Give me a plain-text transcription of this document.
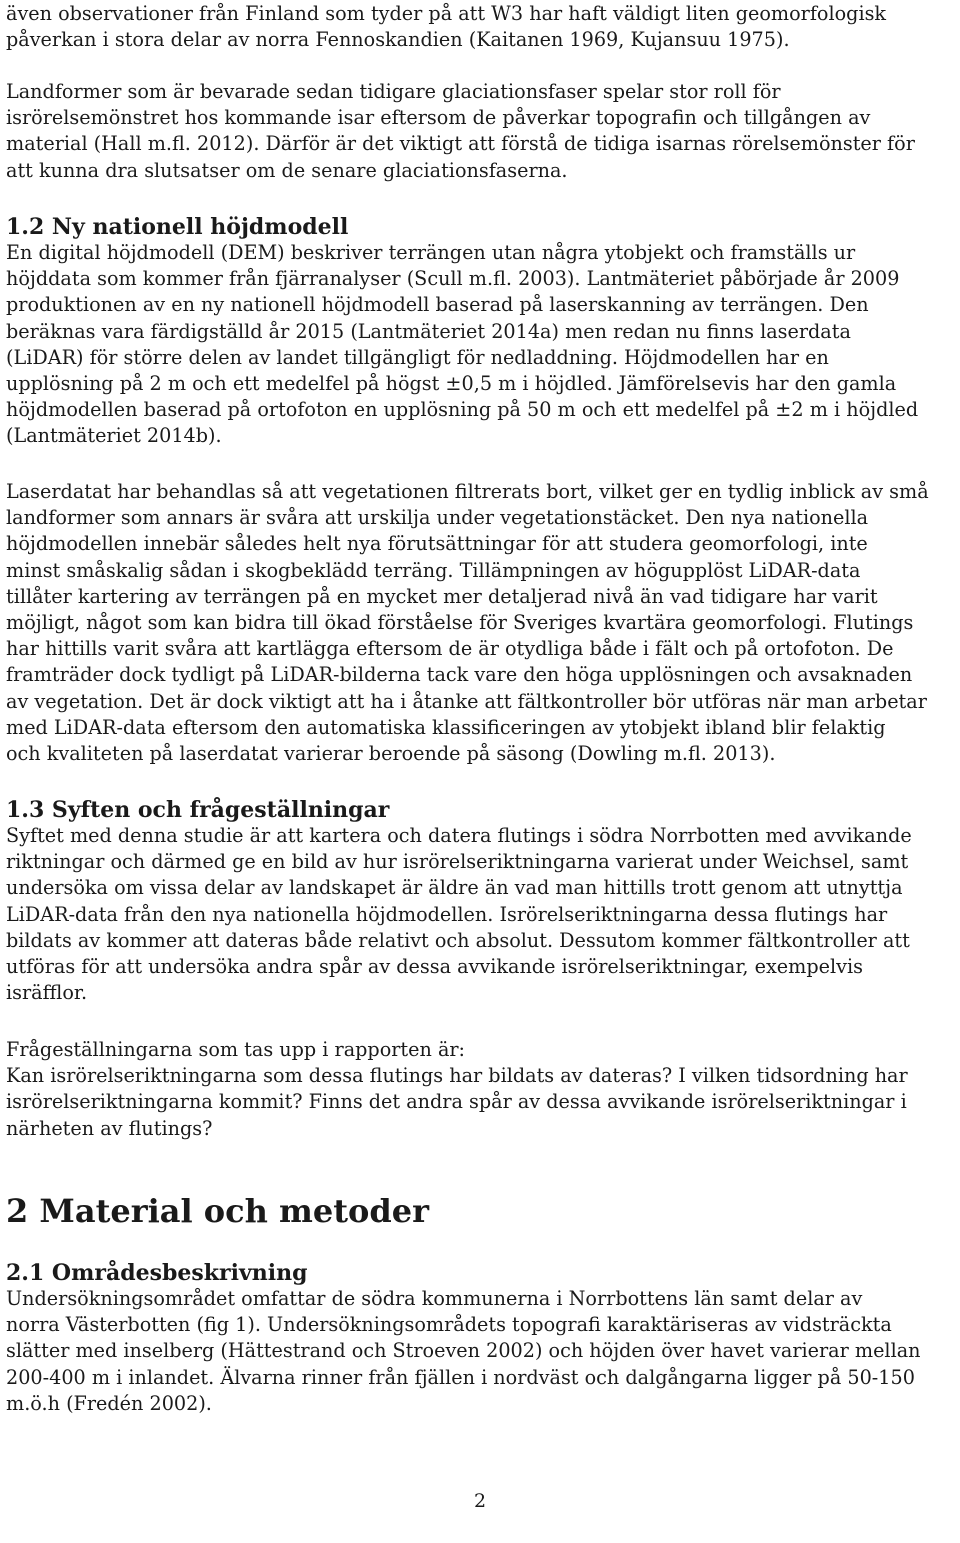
även observationer från Finland som tyder på att W3 har haft väldigt liten geomorfologisk
påverkan i stora delar av norra Fennoskandien (Kaitanen 1969, Kujansuu 1975).

Landformer som är bevarade sedan tidigare glaciationsfaser spelar stor roll för
isrörelsemönstret hos kommande isar eftersom de påverkar topografin och tillgången av
material (Hall m.fl. 2012). Därför är det viktigt att förstå de tidiga isarnas rörelsemönster för
att kunna dra slutsatser om de senare glaciationsfaserna.

1.2 Ny nationell höjdmodell

En digital höjdmodell (DEM) beskriver terrängen utan några ytobjekt och framställs ur
höjddata som kommer från fjärranalyser (Scull m.fl. 2003). Lantmäteriet påbörjade år 2009
produktionen av en ny nationell höjdmodell baserad på laserskanning av terrängen. Den
beräknas vara färdigställd år 2015 (Lantmäteriet 2014a) men redan nu finns laserdata
(LiDAR) för större delen av landet tillgängligt för nedladdning. Höjdmodellen har en
upplösning på 2 m och ett medelfel på högst ±0,5 m i höjdled. Jämförelsevis har den gamla
höjdmodellen baserad på ortofoton en upplösning på 50 m och ett medelfel på ±2 m i höjdled
(Lantmäteriet 2014b).

Laserdatat har behandlas så att vegetationen filtrerats bort, vilket ger en tydlig inblick av små
landformer som annars är svåra att urskilja under vegetationstäcket. Den nya nationella
höjdmodellen innebär således helt nya förutsättningar för att studera geomorfologi, inte
minst småskalig sådan i skogbeklädd terräng. Tillämpningen av högupplöst LiDAR-data
tillåter kartering av terrängen på en mycket mer detaljerad nivå än vad tidigare har varit
möjligt, något som kan bidra till ökad förståelse för Sveriges kvartära geomorfologi. Flutings
har hittills varit svåra att kartlägga eftersom de är otydliga både i fält och på ortofoton. De
framträder dock tydligt på LiDAR-bilderna tack vare den höga upplösningen och avsaknaden
av vegetation. Det är dock viktigt att ha i åtanke att fältkontroller bör utföras när man arbetar
med LiDAR-data eftersom den automatiska klassificeringen av ytobjekt ibland blir felaktig
och kvaliteten på laserdatat varierar beroende på säsong (Dowling m.fl. 2013).

1.3 Syften och frågeställningar

Syftet med denna studie är att kartera och datera flutings i södra Norrbotten med avvikande
riktningar och därmed ge en bild av hur isrörelseriktningarna varierat under Weichsel, samt
undersöka om vissa delar av landskapet är äldre än vad man hittills trott genom att utnyttja
LiDAR-data från den nya nationella höjdmodellen. Isrörelseriktningarna dessa flutings har
bildats av kommer att dateras både relativt och absolut. Dessutom kommer fältkontroller att
utföras för att undersöka andra spår av dessa avvikande isrörelseriktningar, exempelvis
isräfflor.

Frågeställningarna som tas upp i rapporten är:
Kan isrörelseriktningarna som dessa flutings har bildats av dateras? I vilken tidsordning har
isrörelseriktningarna kommit? Finns det andra spår av dessa avvikande isrörelseriktningar i
närheten av flutings?

2 Material och metoder
2.1 Områdesbeskrivning

Undersökningsområdet omfattar de södra kommunerna i Norrbottens län samt delar av
norra Västerbotten (fig 1). Undersökningsområdets topografi karaktäriseras av vidsträckta
slätter med inselberg (Hättestrand och Stroeven 2002) och höjden över havet varierar mellan
200-400 m i inlandet. Älvarna rinner från fjällen i nordväst och dalgångarna ligger på 50-150
m.ö.h (Fredén 2002).

2
